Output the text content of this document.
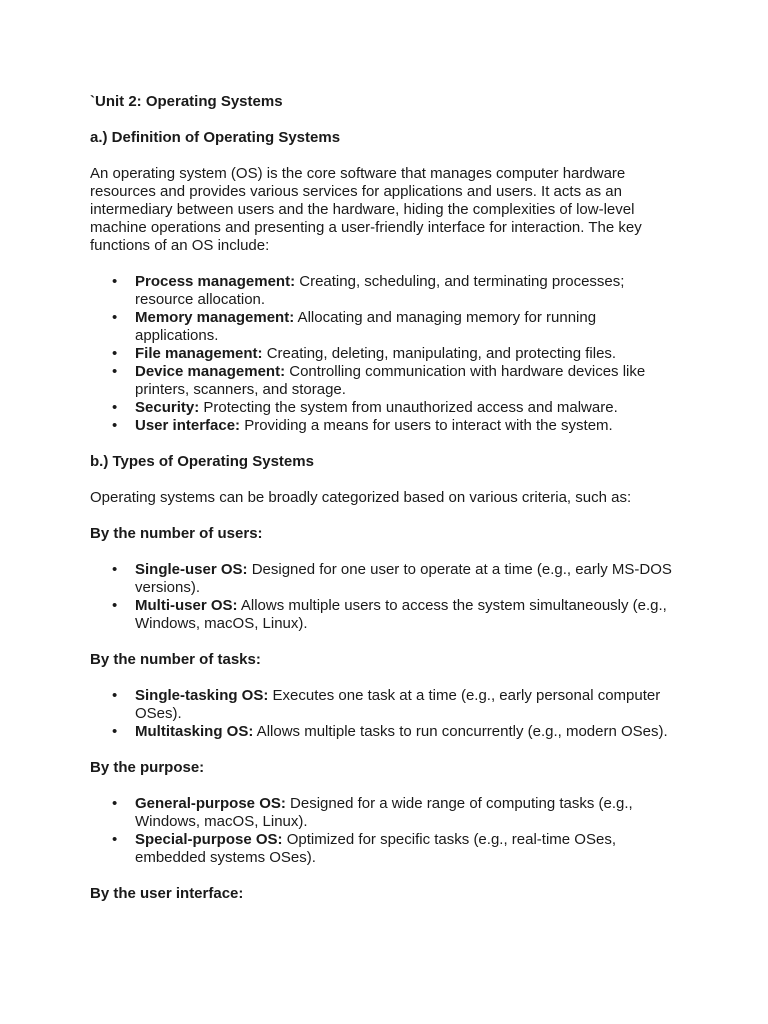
`Unit 2: Operating Systems

a.) Definition of Operating Systems

An operating system (OS) is the core software that manages computer hardware resources and provides various services for applications and users. It acts as an intermediary between users and the hardware, hiding the complexities of low-level machine operations and presenting a user-friendly interface for interaction. The key functions of an OS include:

• Process management: Creating, scheduling, and terminating processes; resource allocation.
• Memory management: Allocating and managing memory for running applications.
• File management: Creating, deleting, manipulating, and protecting files.
• Device management: Controlling communication with hardware devices like printers, scanners, and storage.
• Security: Protecting the system from unauthorized access and malware.
• User interface: Providing a means for users to interact with the system.

b.) Types of Operating Systems

Operating systems can be broadly categorized based on various criteria, such as:

By the number of users:

• Single-user OS: Designed for one user to operate at a time (e.g., early MS-DOS versions).
• Multi-user OS: Allows multiple users to access the system simultaneously (e.g., Windows, macOS, Linux).

By the number of tasks:

• Single-tasking OS: Executes one task at a time (e.g., early personal computer OSes).
• Multitasking OS: Allows multiple tasks to run concurrently (e.g., modern OSes).

By the purpose:

• General-purpose OS: Designed for a wide range of computing tasks (e.g., Windows, macOS, Linux).
• Special-purpose OS: Optimized for specific tasks (e.g., real-time OSes, embedded systems OSes).

By the user interface:
